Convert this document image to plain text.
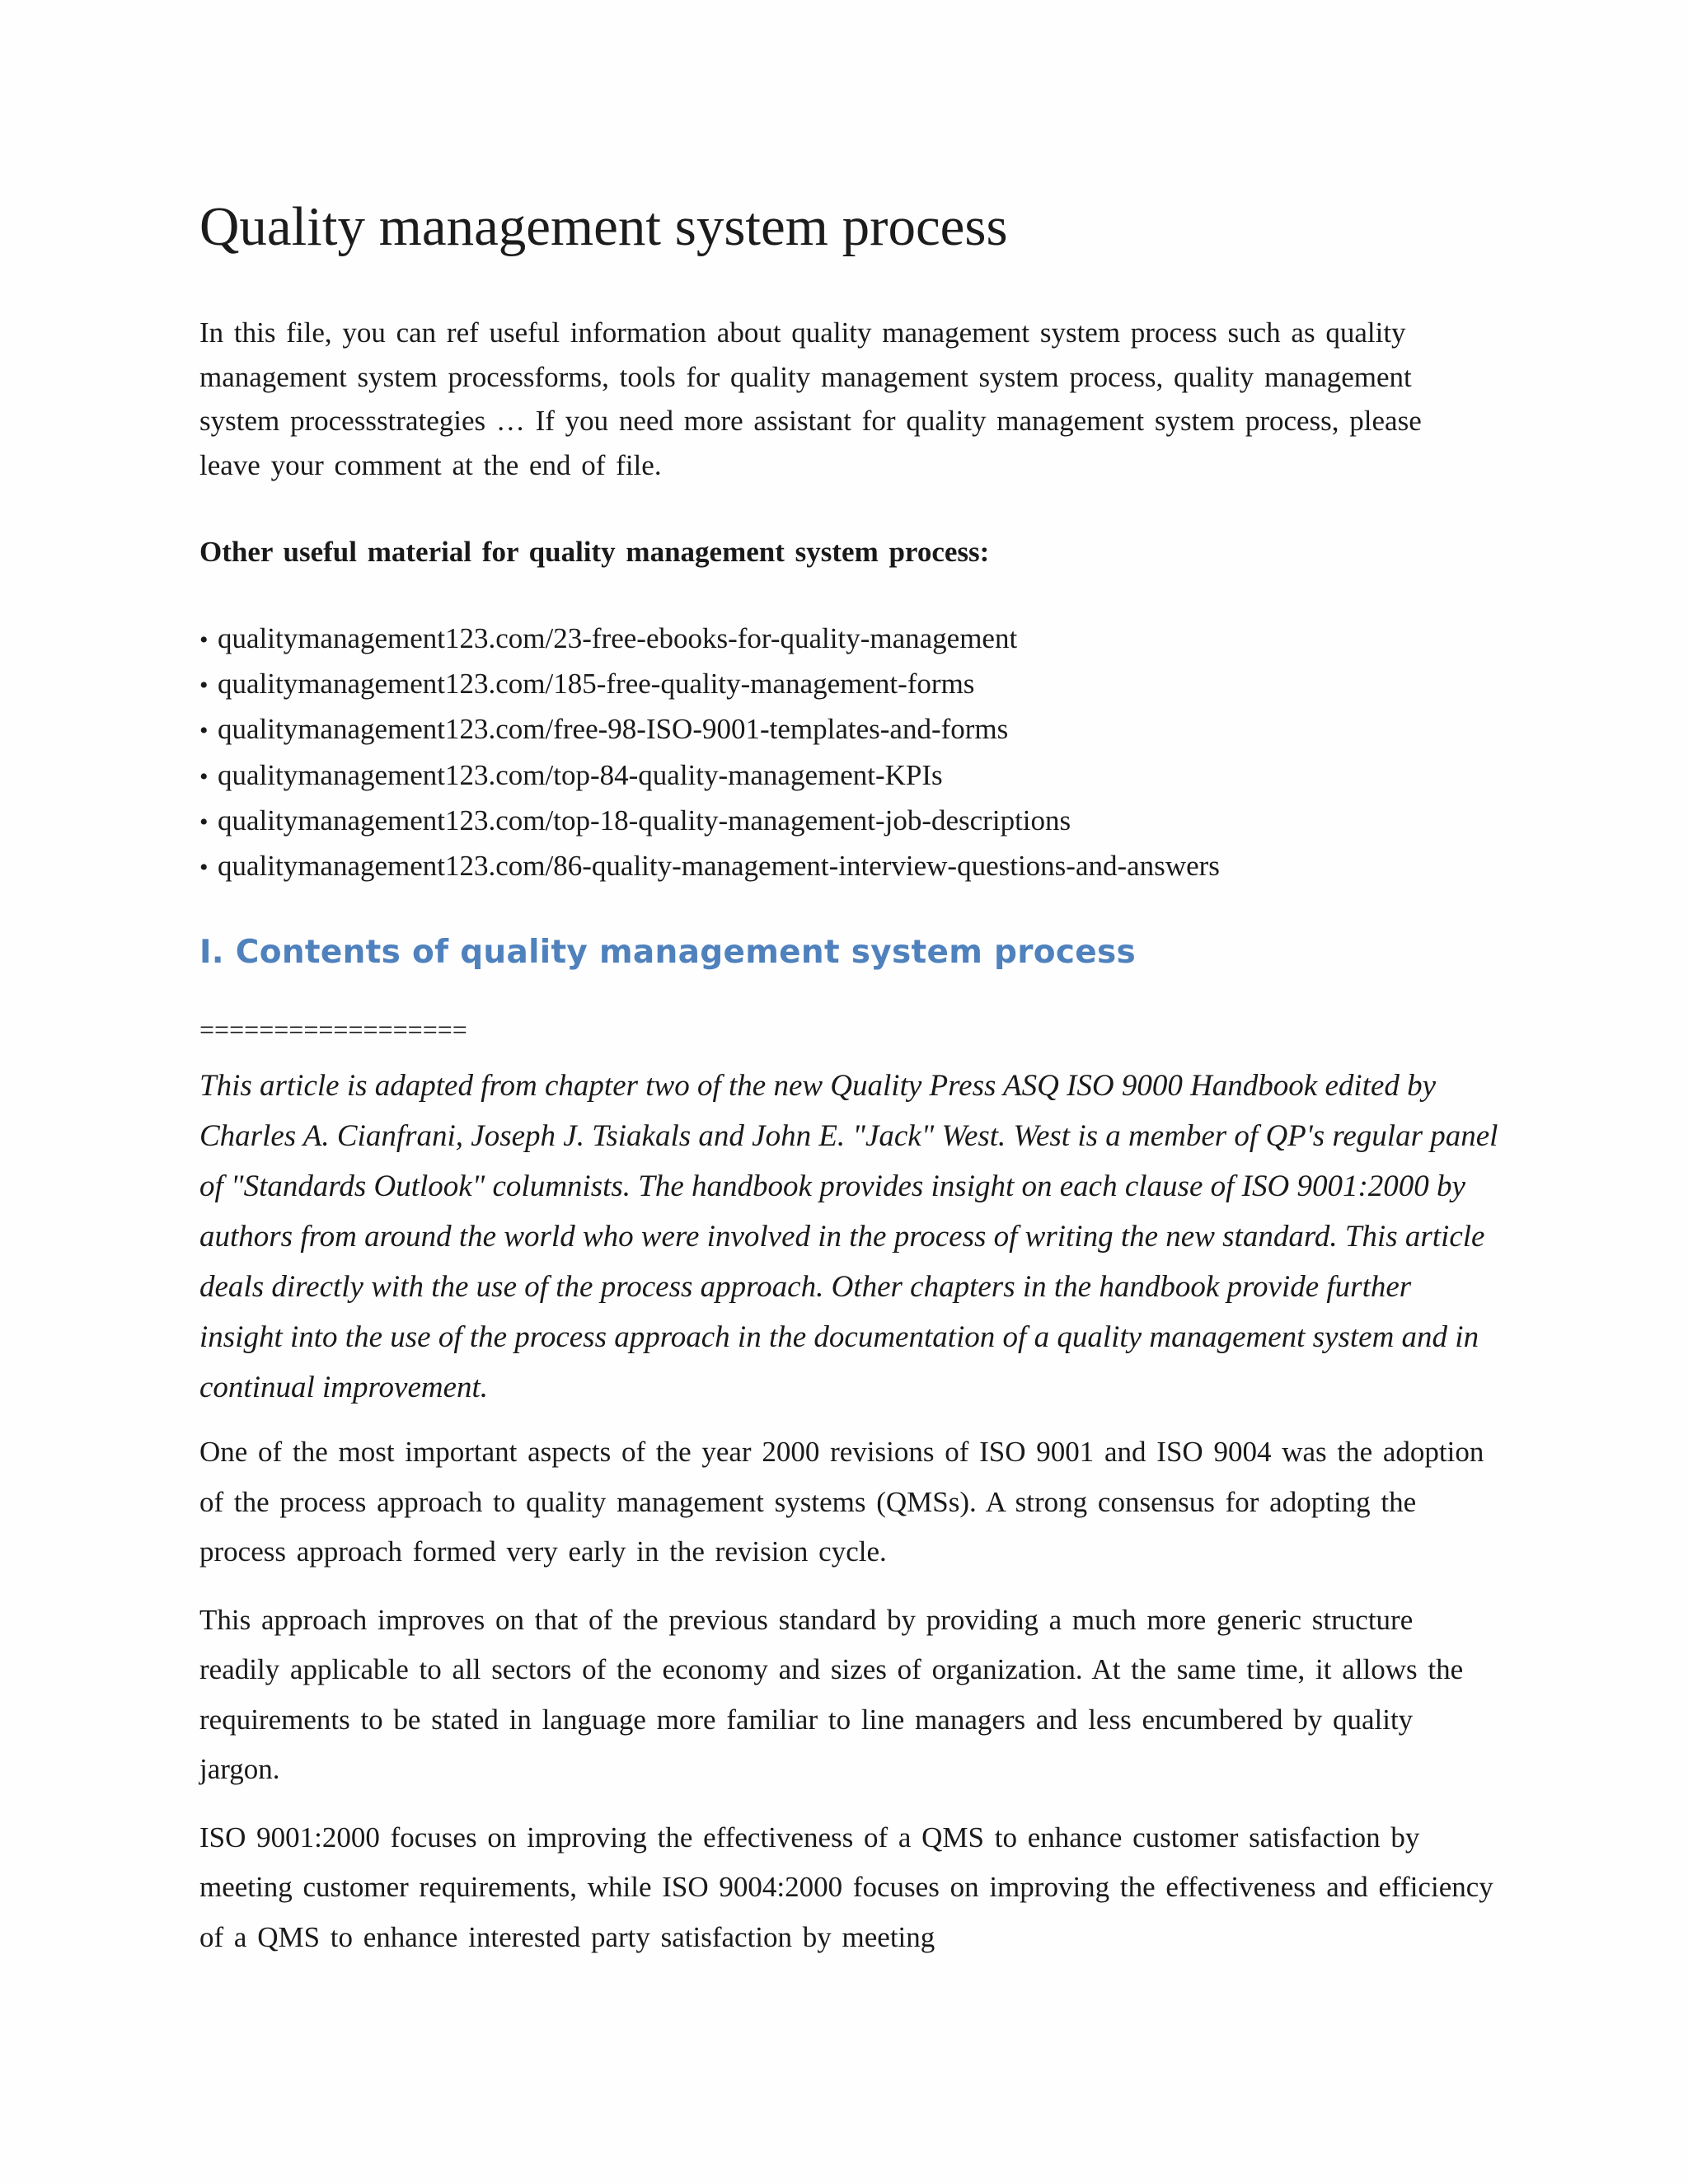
Quality management system process

In this file, you can ref useful information about quality management system process such as quality management system processforms, tools for quality management system process, quality management system processstrategies … If you need more assistant for quality management system process, please leave your comment at the end of file.

Other useful material for quality management system process:

• qualitymanagement123.com/23-free-ebooks-for-quality-management
• qualitymanagement123.com/185-free-quality-management-forms
• qualitymanagement123.com/free-98-ISO-9001-templates-and-forms
• qualitymanagement123.com/top-84-quality-management-KPIs
• qualitymanagement123.com/top-18-quality-management-job-descriptions
• qualitymanagement123.com/86-quality-management-interview-questions-and-answers
I. Contents of quality management system process
==================

This article is adapted from chapter two of the new Quality Press ASQ ISO 9000 Handbook edited by Charles A. Cianfrani, Joseph J. Tsiakals and John E. "Jack" West. West is a member of QP's regular panel of "Standards Outlook" columnists. The handbook provides insight on each clause of ISO 9001:2000 by authors from around the world who were involved in the process of writing the new standard. This article deals directly with the use of the process approach. Other chapters in the handbook provide further insight into the use of the process approach in the documentation of a quality management system and in continual improvement.

One of the most important aspects of the year 2000 revisions of ISO 9001 and ISO 9004 was the adoption of the process approach to quality management systems (QMSs). A strong consensus for adopting the process approach formed very early in the revision cycle.

This approach improves on that of the previous standard by providing a much more generic structure readily applicable to all sectors of the economy and sizes of organization. At the same time, it allows the requirements to be stated in language more familiar to line managers and less encumbered by quality jargon.

ISO 9001:2000 focuses on improving the effectiveness of a QMS to enhance customer satisfaction by meeting customer requirements, while ISO 9004:2000 focuses on improving the effectiveness and efficiency of a QMS to enhance interested party satisfaction by meeting
